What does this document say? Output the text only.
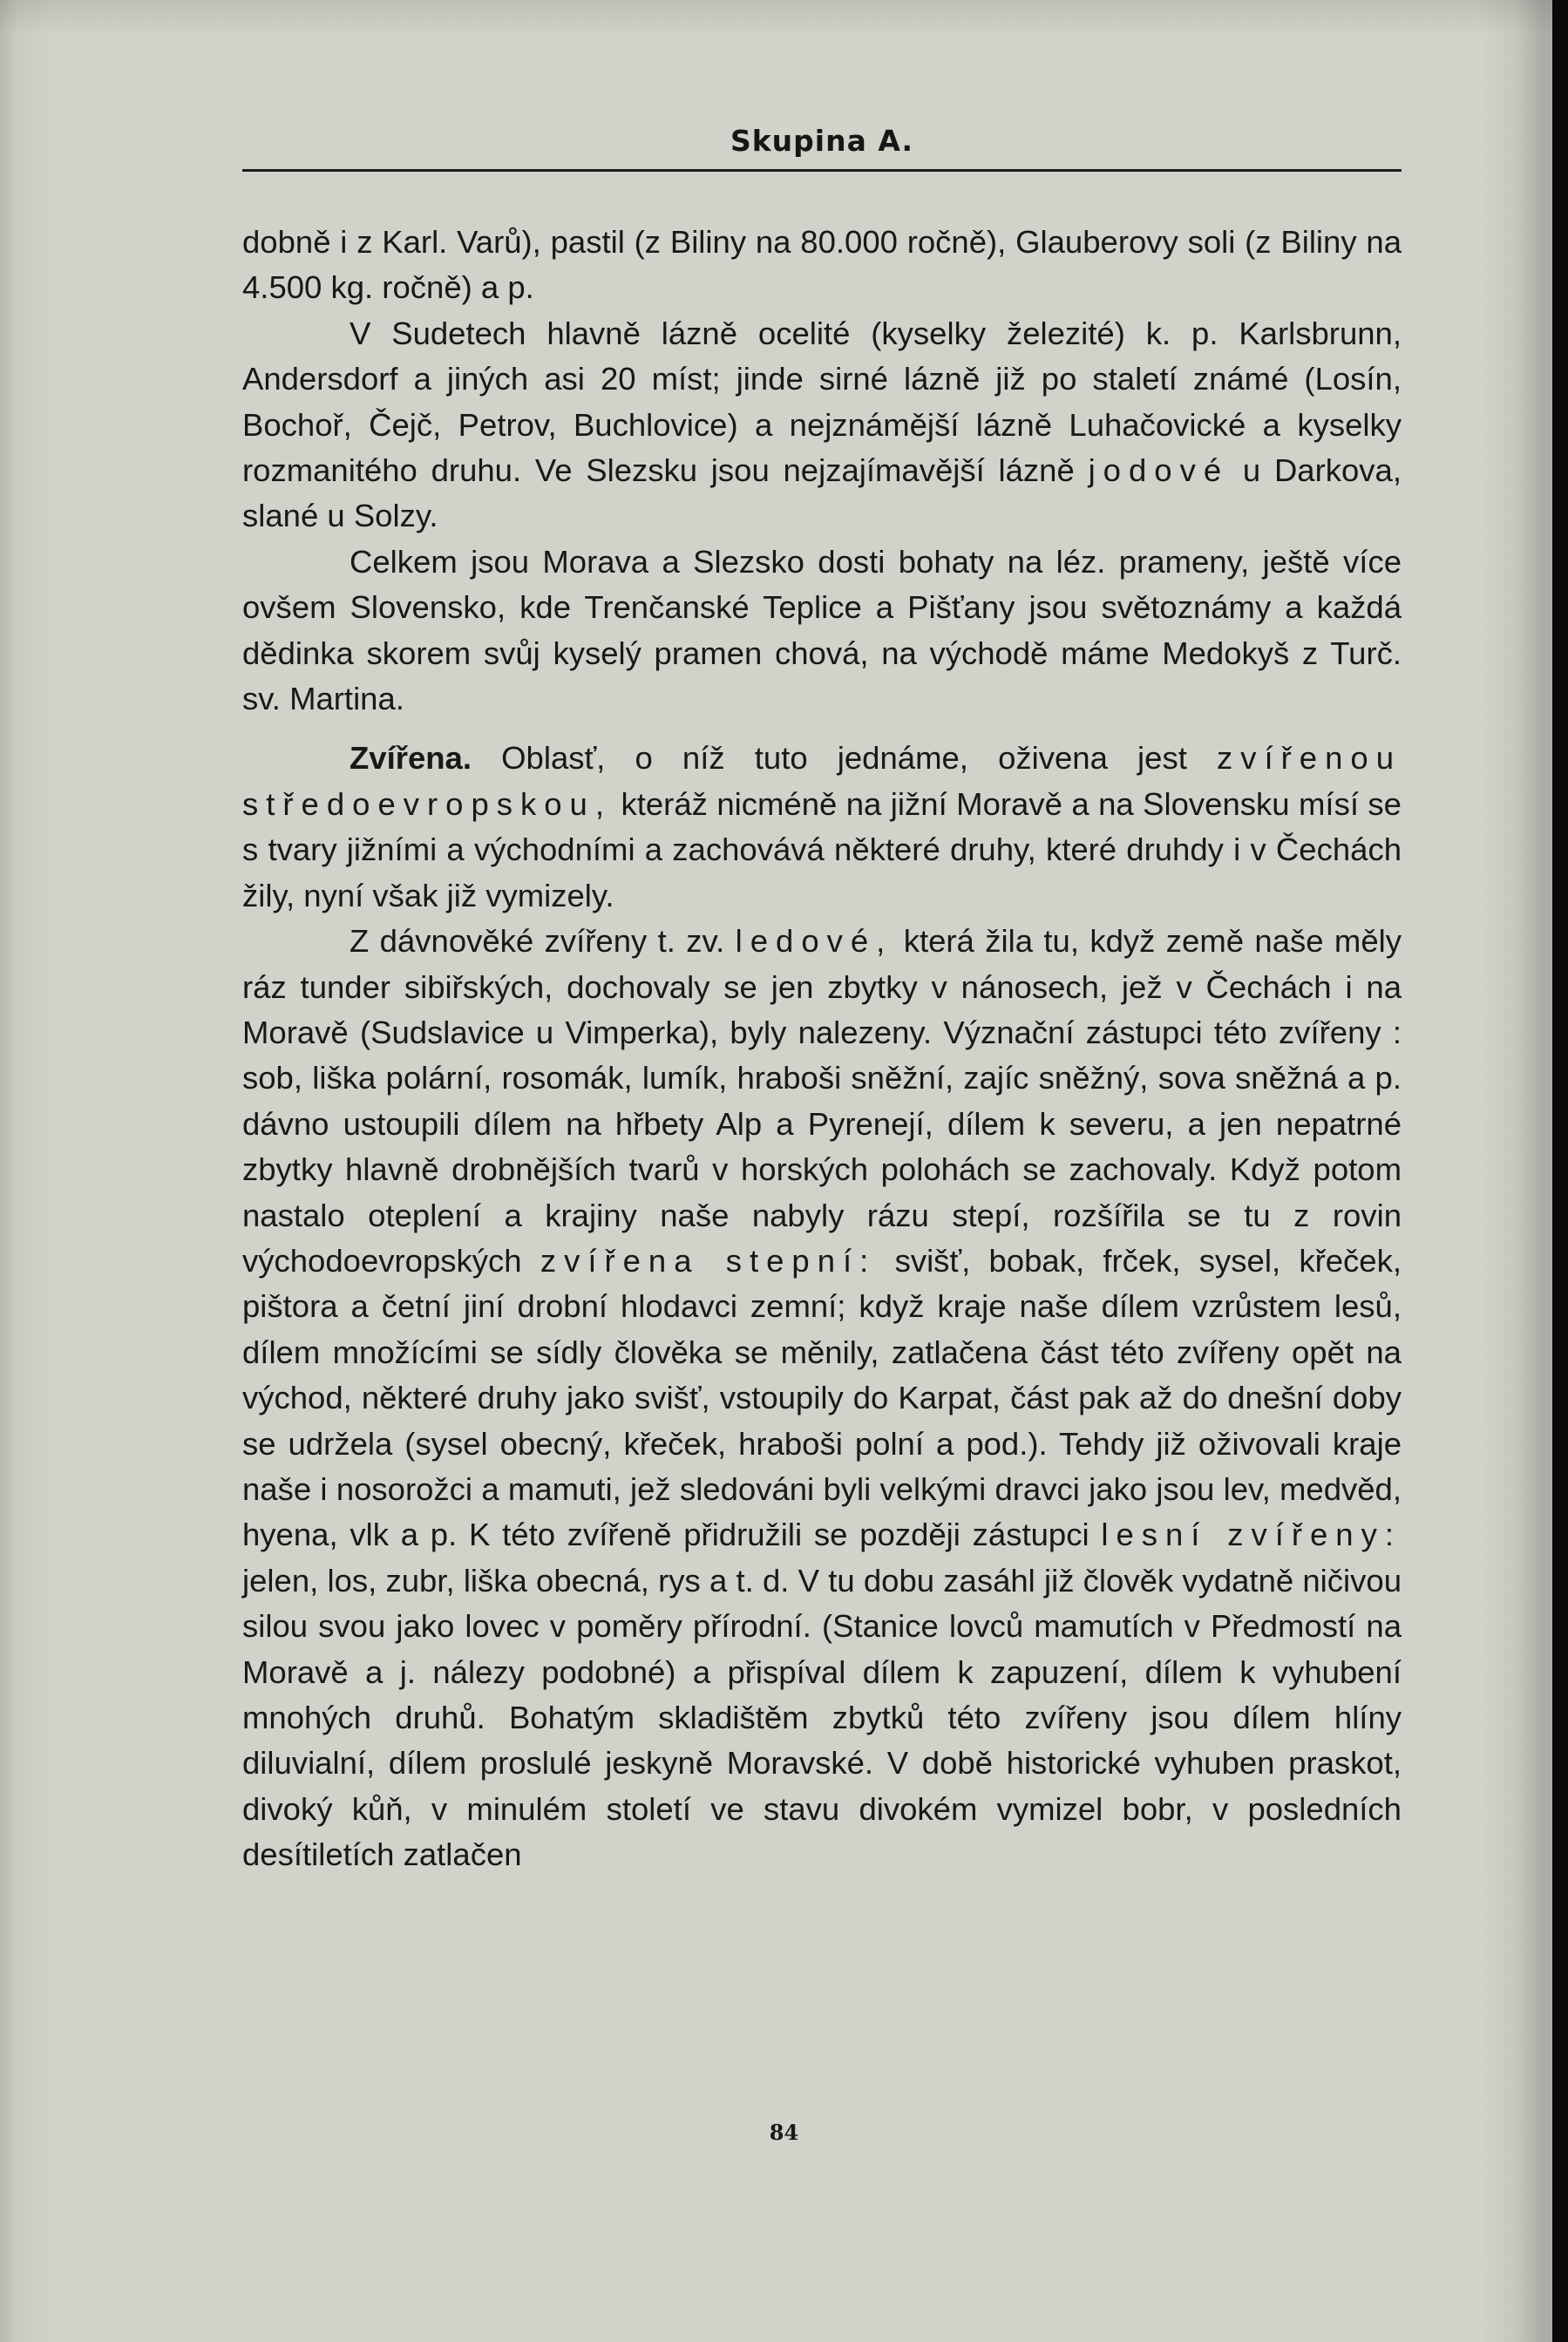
Skupina A.

dobně i z Karl. Varů), pastil (z Biliny na 80.000 ročně), Glauberovy soli (z Biliny na 4.500 kg. ročně) a p.

V Sudetech hlavně lázně ocelité (kyselky železité) k. p. Karlsbrunn, Andersdorf a jiných asi 20 míst; jinde sirné lázně již po staletí známé (Losín, Bochoř, Čejč, Petrov, Buchlovice) a nejznámější lázně Luhačovické a kyselky rozmanitého druhu. Ve Slezsku jsou nejzajímavější lázně jodové u Darkova, slané u Solzy.

Celkem jsou Morava a Slezsko dosti bohaty na léz. prameny, ještě více ovšem Slovensko, kde Trenčanské Teplice a Pišťany jsou světoznámy a každá dědinka skorem svůj kyselý pramen chová, na východě máme Medokyš z Turč. sv. Martina.

Zvířena. Oblasť, o níž tuto jednáme, oživena jest zvířenou středoevropskou, kteráž nicméně na jižní Moravě a na Slovensku mísí se s tvary jižními a východními a zachovává některé druhy, které druhdy i v Čechách žily, nyní však již vymizely.

Z dávnověké zvířeny t. zv. ledové, která žila tu, když země naše měly ráz tunder sibiřských, dochovaly se jen zbytky v nánosech, jež v Čechách i na Moravě (Sudslavice u Vimperka), byly nalezeny. Význační zástupci této zvířeny : sob, liška polární, rosomák, lumík, hraboši sněžní, zajíc sněžný, sova sněžná a p. dávno ustoupili dílem na hřbety Alp a Pyrenejí, dílem k severu, a jen nepatrné zbytky hlavně drobnějších tvarů v horských polohách se zachovaly. Když potom nastalo oteplení a krajiny naše nabyly rázu stepí, rozšířila se tu z rovin východoevropských zvířena stepní: svišť, bobak, frček, sysel, křeček, pištora a četní jiní drobní hlodavci zemní; když kraje naše dílem vzrůstem lesů, dílem množícími se sídly člověka se měnily, zatlačena část této zvířeny opět na východ, některé druhy jako svišť, vstoupily do Karpat, část pak až do dnešní doby se udržela (sysel obecný, křeček, hraboši polní a pod.). Tehdy již oživovali kraje naše i nosorožci a mamuti, jež sledováni byli velkými dravci jako jsou lev, medvěd, hyena, vlk a p. K této zvířeně přidružili se později zástupci lesní zvířeny: jelen, los, zubr, liška obecná, rys a t. d. V tu dobu zasáhl již člověk vydatně ničivou silou svou jako lovec v poměry přírodní. (Stanice lovců mamutích v Předmostí na Moravě a j. nálezy podobné) a přispíval dílem k zapuzení, dílem k vyhubení mnohých druhů. Bohatým skladištěm zbytků této zvířeny jsou dílem hlíny diluvialní, dílem proslulé jeskyně Moravské. V době historické vyhuben praskot, divoký kůň, v minulém století ve stavu divokém vymizel bobr, v posledních desítiletích zatlačen

84
